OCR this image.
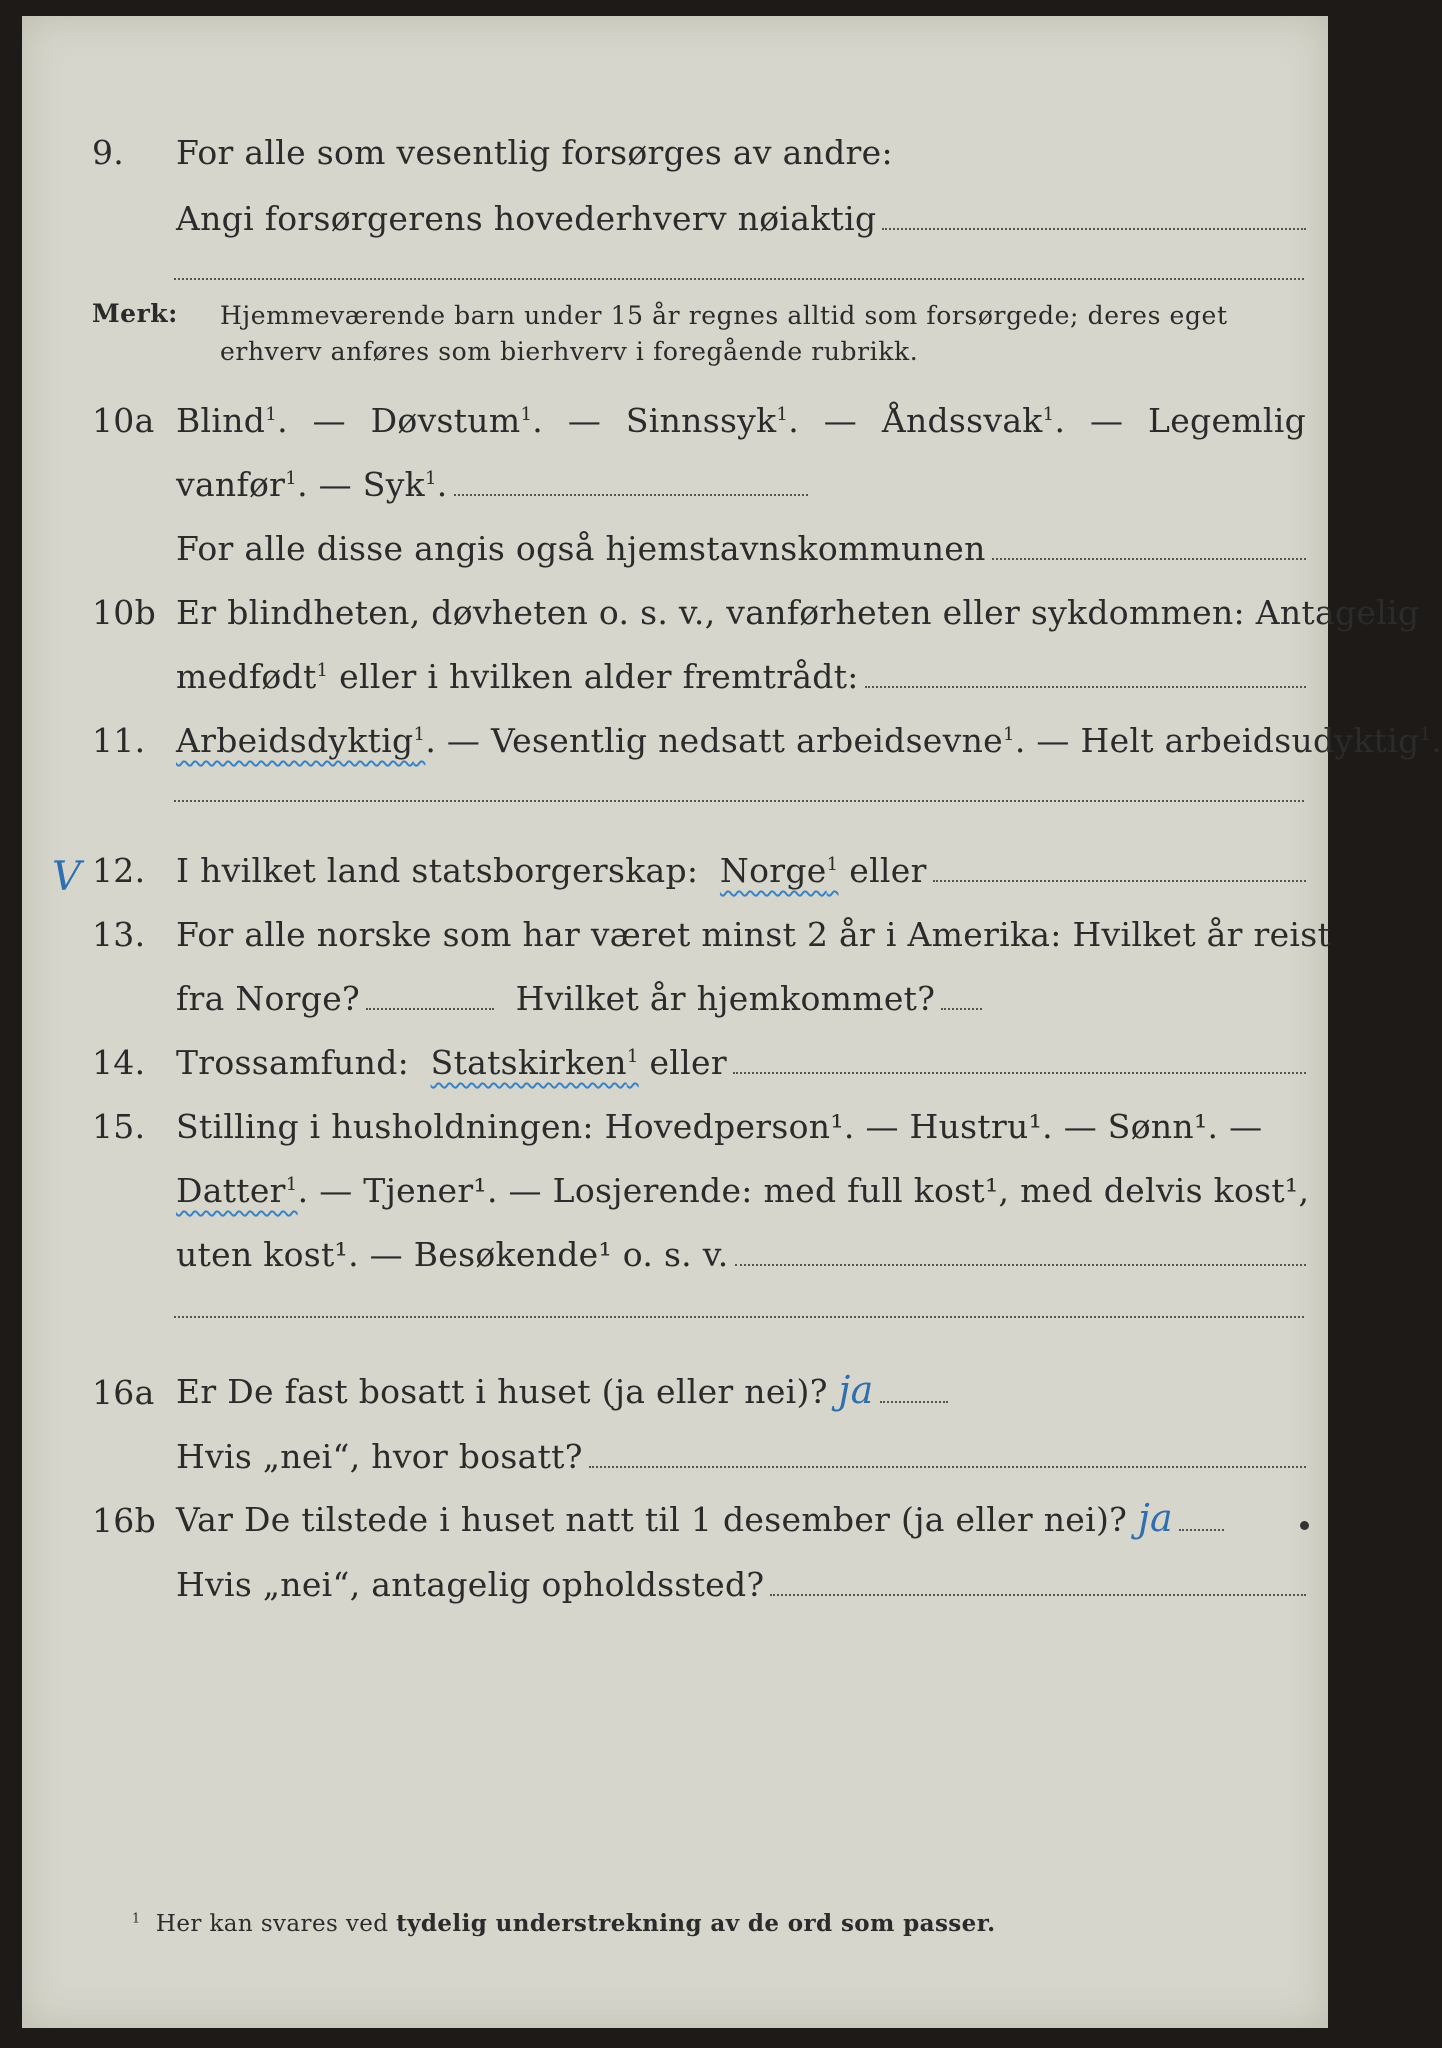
9. For alle som vesentlig forsørges av andre:
Angi forsørgerens hovederhverv nøiaktig
Merk: Hjemmeværende barn under 15 år regnes alltid som forsørgede; deres eget erhverv anføres som bierhverv i foregående rubrikk.
10a Blind$^1$. — Døvstum$^1$. — Sinnssyk$^1$. — Åndssvak$^1$. — Legemlig
vanfør$^1$.
—
Syk$^1$.
For alle disse angis også hjemstavnskommunen
10b Er blindheten, døvheten o. s. v., vanførheten eller sykdommen: Antagelig
medfødt$^1$
eller i hvilken alder fremtrådt:
11. Arbeidsdyktig$^1$ .
—
Vesentlig nedsatt arbeidsevne$^1$.
—
Helt arbeidsudyktig$^1$.
V 12. I hvilket land statsborgerskap:
Norge$^1$
eller
13. For alle norske som har været minst 2 år i Amerika: Hvilket år reist
fra Norge?
	Hvilket år hjemkommet?
14. Trossamfund:
Statskirken$^1$
eller
15. Stilling i husholdningen: Hovedperson¹. — Hustru¹. — Sønn¹. —
Datter$^1$ .
— Tjener¹. — Losjerende: med full kost¹, med delvis kost¹,
uten kost¹. — Besøkende¹ o. s. v.
16a Er De fast bosatt i huset (ja eller nei)?
ja
Hvis „nei“, hvor bosatt?
16b Var De tilstede i huset natt til 1 desember (ja eller nei)?
ja
Hvis „nei“, antagelig opholdssted?
$^1$ Her kan svares ved tydelig understrekning av de ord som passer.
